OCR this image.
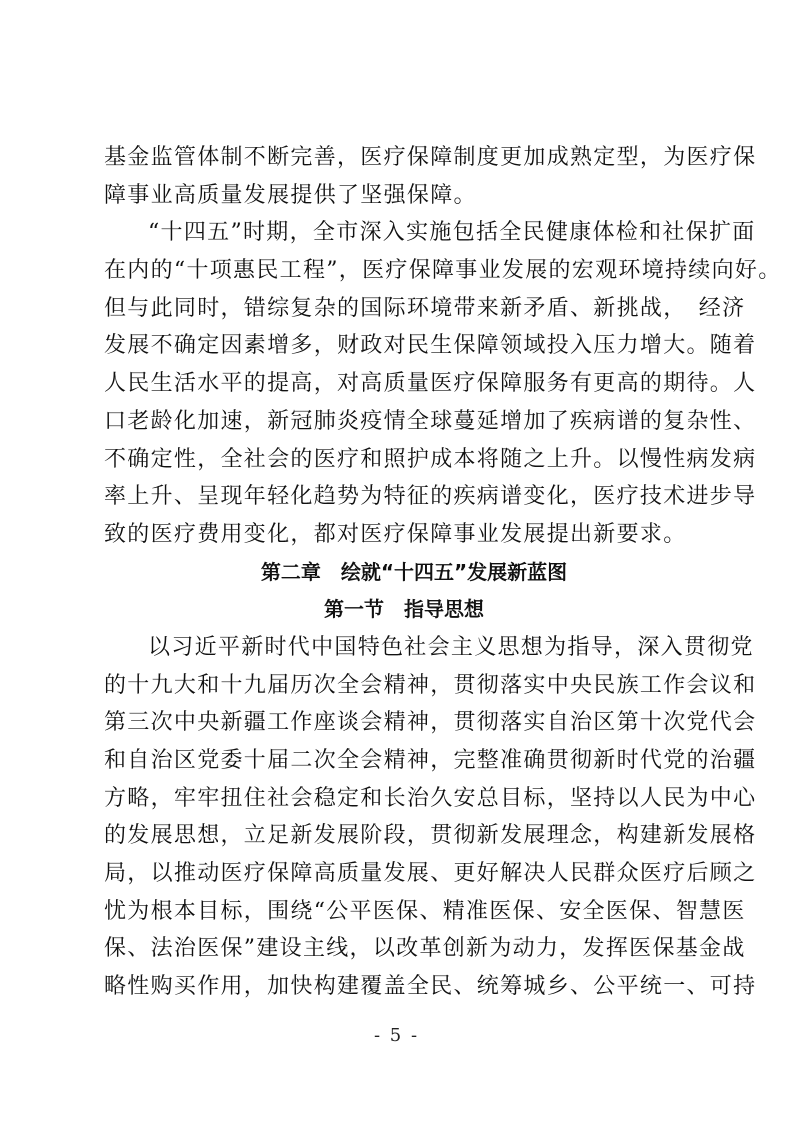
基金监管体制不断完善，医疗保障制度更加成熟定型，为医疗保
障事业高质量发展提供了坚强保障。
“十四五”时期，全市深入实施包括全民健康体检和社保扩面
在内的“十项惠民工程”，医疗保障事业发展的宏观环境持续向好。
但与此同时，错综复杂的国际环境带来新矛盾、新挑战，　经济
发展不确定因素增多，财政对民生保障领域投入压力增大。随着
人民生活水平的提高，对高质量医疗保障服务有更高的期待。人
口老龄化加速，新冠肺炎疫情全球蔓延增加了疾病谱的复杂性、
不确定性，全社会的医疗和照护成本将随之上升。以慢性病发病
率上升、呈现年轻化趋势为特征的疾病谱变化，医疗技术进步导
致的医疗费用变化，都对医疗保障事业发展提出新要求。
第二章　绘就“十四五”发展新蓝图
第一节　指导思想
以习近平新时代中国特色社会主义思想为指导，深入贯彻党
的十九大和十九届历次全会精神，贯彻落实中央民族工作会议和
第三次中央新疆工作座谈会精神，贯彻落实自治区第十次党代会
和自治区党委十届二次全会精神，完整准确贯彻新时代党的治疆
方略，牢牢扭住社会稳定和长治久安总目标，坚持以人民为中心
的发展思想，立足新发展阶段，贯彻新发展理念，构建新发展格
局，以推动医疗保障高质量发展、更好解决人民群众医疗后顾之
忧为根本目标，围绕“公平医保、精准医保、安全医保、智慧医
保、法治医保”建设主线，以改革创新为动力，发挥医保基金战
略性购买作用，加快构建覆盖全民、统筹城乡、公平统一、可持
- 5 -
